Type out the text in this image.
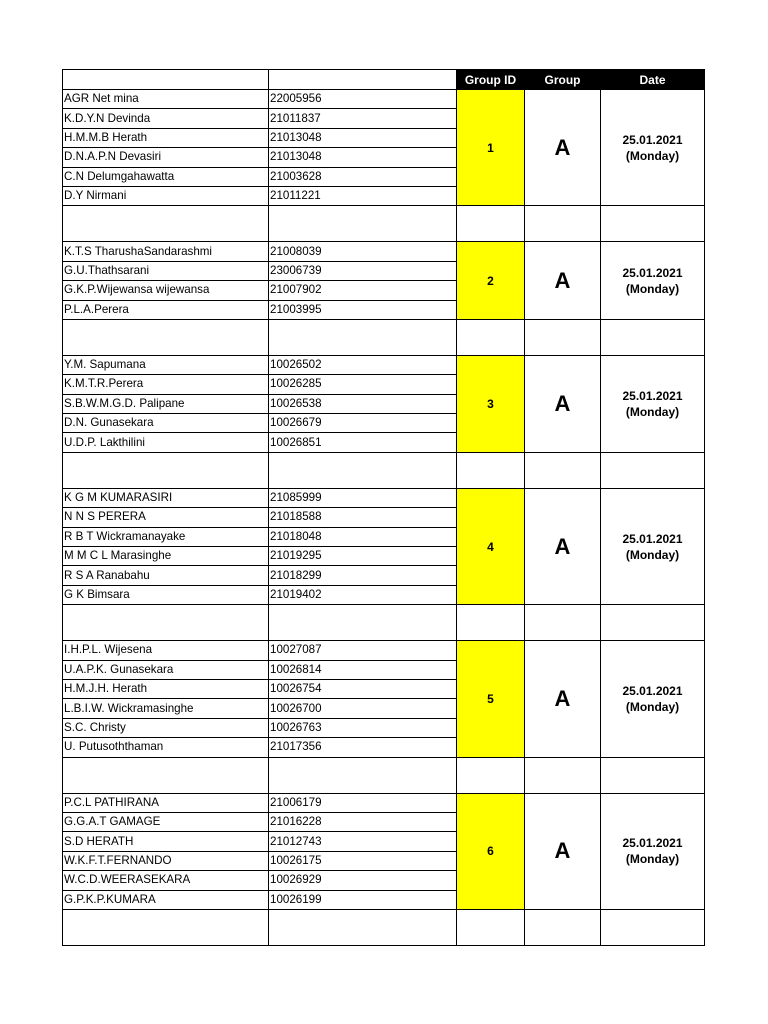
		Group ID	Group	Date
AGR Net mina	22005956	1	A	25.01.2021
(Monday)

K.D.Y.N Devinda	21011837			
H.M.M.B Herath	21013048			
D.N.A.P.N Devasiri	21013048			
C.N Delumgahawatta	21003628			
D.Y Nirmani	21011221			

K.T.S TharushaSandarashmi	21008039	2	A	25.01.2021
(Monday)

G.U.Thathsarani	23006739			
G.K.P.Wijewansa wijewansa	21007902			
P.L.A.Perera	21003995			

Y.M. Sapumana	10026502	3	A	25.01.2021
(Monday)

K.M.T.R.Perera	10026285			
S.B.W.M.G.D. Palipane	10026538			
D.N. Gunasekara	10026679			
U.D.P. Lakthilini	10026851			

K G M KUMARASIRI	21085999	4	A	25.01.2021
(Monday)

N N S PERERA	21018588			
R B T Wickramanayake	21018048			
M M C L Marasinghe	21019295			
R S A Ranabahu	21018299			
G K Bimsara	21019402			

I.H.P.L. Wijesena	10027087	5	A	25.01.2021
(Monday)

U.A.P.K. Gunasekara	10026814			
H.M.J.H. Herath	10026754			
L.B.I.W. Wickramasinghe	10026700			
S.C. Christy	10026763			
U. Putusoththaman	21017356			

P.C.L PATHIRANA	21006179	6	A	25.01.2021
(Monday)

G.G.A.T GAMAGE	21016228			
S.D HERATH	21012743			
W.K.F.T.FERNANDO	10026175			
W.C.D.WEERASEKARA	10026929			
G.P.K.P.KUMARA	10026199			
